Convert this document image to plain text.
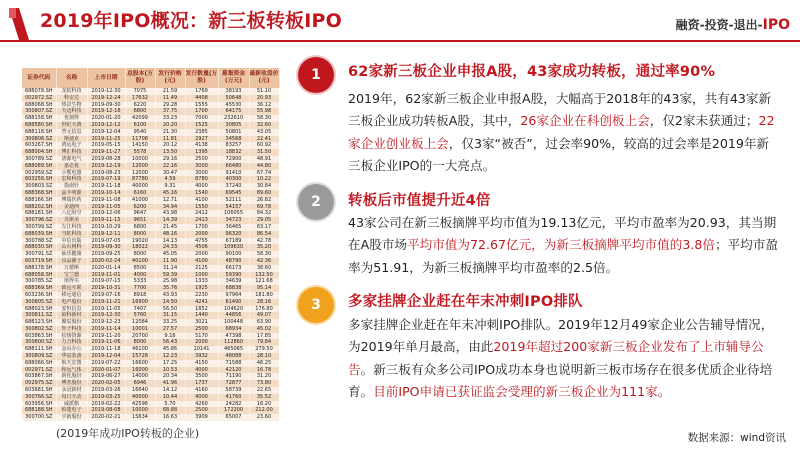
2019年IPO概况：新三板转板IPO	融资-投资-退出-IPO
证券代码	名称	上市日期	总股本(万股)	发行价格(元)	发行数量(万股)	募集资金(万元)	最新收盘价(元)
688078.SH	龙软科技	2019-12-30	7075	21.59	1769	38193	51.10
002972.SZ	科安达	2019-12-24	17632	11.49	4408	50648	20.93
688068.SH	热景生物	2019-09-30	6220	29.28	1555	45530	36.12
300807.SZ	天迈科技	2019-12-18	6800	37.75	1700	64175	55.98
688158.SH	优刻得	2020-01-20	42099	33.23	7000	232610	58.30
688580.SH	世纪天鸿	2019-12-12	6100	20.20	1525	30805	32.60
688118.SH	普元信息	2019-12-04	9540	21.30	2385	50801	43.05
300806.SZ	斯迪克	2019-11-25	11708	11.81	2927	34568	22.41
603267.SH	鸿远电子	2019-05-15	14150	20.12	4138	83257	60.92
688004.SH	博汇科技	2019-11-27	5578	13.50	1395	18832	31.50
300789.SZ	唐源电气	2019-08-28	10000	29.16	2500	72900	48.91
688089.SH	嘉必优	2019-12-19	12000	22.16	3000	66480	44.80
002959.SZ	小熊电器	2019-08-23	12000	30.47	3000	91410	67.74
603256.SH	宏和科技	2019-07-19	87780	4.59	8780	40300	10.22
300803.SZ	指南针	2019-11-18	40000	9.31	4000	37240	30.84
688368.SH	晶丰明源	2019-10-14	6160	45.16	1540	69545	89.60
688166.SH	博瑞医药	2019-11-08	41000	12.71	4100	52111	26.82
688202.SH	美迪西	2019-11-05	6200	34.94	1550	54157	69.78
688181.SH	八亿时空	2019-12-06	9647	43.98	2412	106055	84.32
300796.SZ	贝斯美	2019-11-15	9651	14.39	2413	34723	29.05
300799.SZ	左江科技	2019-10-29	6800	21.45	1700	36465	63.17
688039.SH	当虹科技	2019-12-11	8000	48.16	2000	96320	86.54
300788.SZ	中信出版	2019-07-05	19020	14.13	4755	67189	42.78
688030.SH	山石网科	2019-09-30	18022	24.33	4506	109630	35.20
300791.SZ	仙乐健康	2019-09-25	8000	45.05	2000	90100	58.30
603719.SH	良品铺子	2020-02-24	40100	11.90	4100	48790	42.36
688178.SH	万德斯	2020-01-14	8500	31.14	2125	66173	38.60
688058.SH	宝兰德	2019-11-01	4000	59.39	1000	59390	132.50
300785.SZ	值得买	2019-07-15	5333	25.98	1333	34639	121.68
688369.SH	致远互联	2019-10-31	7700	35.76	1925	68838	95.14
603236.SH	移远通信	2019-07-16	8918	43.93	2230	97964	181.80
300805.SZ	电声股份	2019-11-21	16900	14.50	4241	61490	28.16
688023.SH	安恒信息	2019-11-05	7407	56.50	1852	104620	176.80
300811.SZ	铂科新材	2019-12-30	5760	31.15	1440	44856	49.07
688123.SH	聚辰股份	2019-12-23	12084	33.25	3021	100448	63.90
300802.SZ	矩子科技	2019-11-14	10001	27.57	2500	68934	45.02
603863.SH	松炀资源	2019-11-20	20700	9.16	5170	47398	17.85
300800.SZ	力合科技	2019-11-06	8000	56.43	2000	112860	79.84
688111.SH	金山办公	2019-11-18	46100	45.86	10141	465065	279.50
300809.SZ	华辰装备	2019-12-04	15728	12.23	3932	48088	28.10
688066.SH	航天宏图	2019-07-22	16600	17.25	4150	71588	48.25
002971.SZ	和远气体	2020-01-07	16000	10.53	4000	42120	16.78
603867.SH	新化股份	2019-06-27	14000	20.34	3500	71190	31.20
002975.SZ	博杰股份	2020-02-05	6946	41.96	1737	72877	73.80
603681.SH	永冠新材	2019-03-26	16640	14.12	4160	58739	22.65
300766.SZ	每日互动	2019-03-25	40000	10.44	4000	41760	35.52
603956.SH	威派格	2019-02-22	42596	5.70	4260	24282	16.20
688188.SH	柏楚电子	2019-08-08	10000	68.88	2500	172200	212.00
300700.SZ	宇新股份	2020-02-21	15634	16.63	3909	65007	23.60
(2019年成功IPO转板的企业)
1	62家新三板企业申报A股，43家成功转板，通过率90%
2019年，62家新三板企业申报A股，大幅高于2018年的43家，共有43家新三板企业成功转板A股，其中，26家企业在科创板上会，仅2家未获通过；22家企业创业板上会，仅3家“被否”，过会率90%，较高的过会率是2019年新三板企业IPO的一大亮点。
2	转板后市值提升近4倍
43家公司在新三板摘牌平均市值为19.13亿元，平均市盈率为20.93，其当期在A股市场平均市值为72.67亿元，为新三板摘牌平均市值的3.8倍；平均市盈率为51.91，为新三板摘牌平均市盈率的2.5倍。
3	多家挂牌企业赶在年末冲刺IPO排队
多家挂牌企业赶在年末冲刺IPO排队。2019年12月49家企业公告辅导情况，为2019年单月最高，由此2019年超过200家新三板企业发布了上市辅导公告。新三板有众多公司IPO成功本身也说明新三板市场存在很多优质企业待培育。目前IPO申请已获证监会受理的新三板企业为111家。
数据来源：wind资讯
